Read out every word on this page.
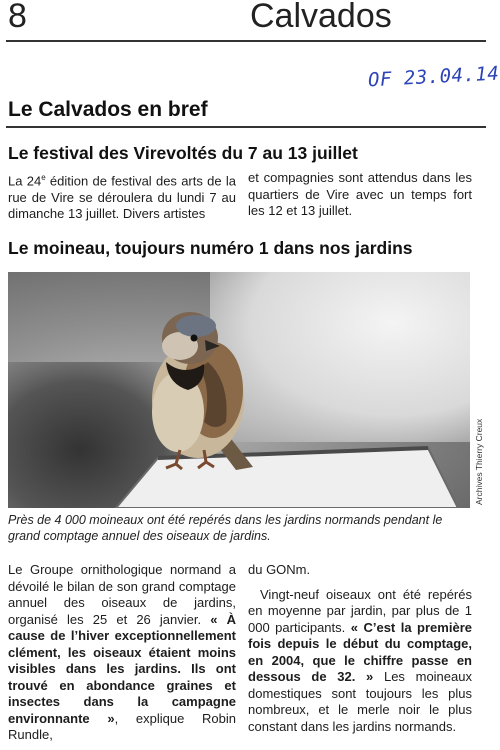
8	Calvados
OF 23.04.14
Le Calvados en bref
Le festival des Virevoltés du 7 au 13 juillet
La 24e édition de festival des arts de la rue de Vire se déroulera du lundi 7 au dimanche 13 juillet. Divers artistes
et compagnies sont attendus dans les quartiers de Vire avec un temps fort les 12 et 13 juillet.
Le moineau, toujours numéro 1 dans nos jardins
Archives Thierry Creux
Près de 4 000 moineaux ont été repérés dans les jardins normands pendant le grand comptage annuel des oiseaux de jardins.
Le Groupe ornithologique normand a dévoilé le bilan de son grand comptage annuel des oiseaux de jardins, organisé les 25 et 26 janvier. « À cause de l’hiver exceptionnellement clément, les oiseaux étaient moins visibles dans les jardins. Ils ont trouvé en abondance graines et insectes dans la campagne environnante », explique Robin Rundle,
du GONm.
Vingt-neuf oiseaux ont été repérés en moyenne par jardin, par plus de 1 000 participants. « C’est la première fois depuis le début du comptage, en 2004, que le chiffre passe en dessous de 32. » Les moineaux domestiques sont toujours les plus nombreux, et le merle noir le plus constant dans les jardins normands.
